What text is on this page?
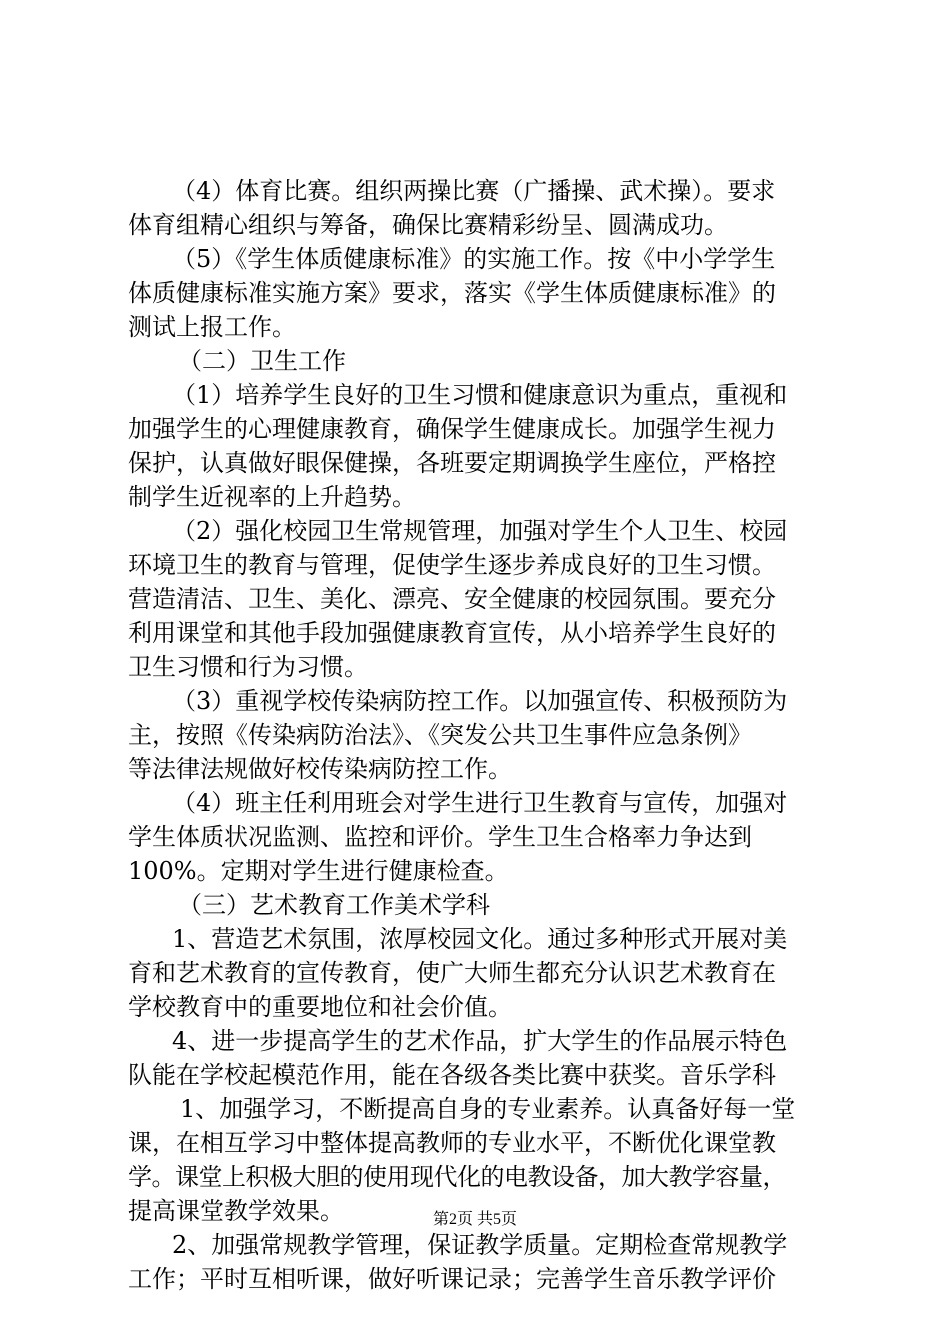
（4）体育比赛。组织两操比赛（广播操、武术操）。要求
体育组精心组织与筹备，确保比赛精彩纷呈、圆满成功。
（5）《学生体质健康标准》的实施工作。按《中小学学生
体质健康标准实施方案》要求，落实《学生体质健康标准》的
测试上报工作。
（二）卫生工作
（1）培养学生良好的卫生习惯和健康意识为重点，重视和
加强学生的心理健康教育，确保学生健康成长。加强学生视力
保护，认真做好眼保健操，各班要定期调换学生座位，严格控
制学生近视率的上升趋势。
（2）强化校园卫生常规管理，加强对学生个人卫生、校园
环境卫生的教育与管理，促使学生逐步养成良好的卫生习惯。
营造清洁、卫生、美化、漂亮、安全健康的校园氛围。要充分
利用课堂和其他手段加强健康教育宣传，从小培养学生良好的
卫生习惯和行为习惯。
（3）重视学校传染病防控工作。以加强宣传、积极预防为
主，按照《传染病防治法》、《突发公共卫生事件应急条例》
等法律法规做好校传染病防控工作。
（4）班主任利用班会对学生进行卫生教育与宣传，加强对
学生体质状况监测、监控和评价。学生卫生合格率力争达到
100%。定期对学生进行健康检查。
（三）艺术教育工作美术学科
1、营造艺术氛围，浓厚校园文化。通过多种形式开展对美
育和艺术教育的宣传教育，使广大师生都充分认识艺术教育在
学校教育中的重要地位和社会价值。
4、进一步提高学生的艺术作品，扩大学生的作品展示特色
队能在学校起模范作用，能在各级各类比赛中获奖。音乐学科
1、加强学习，不断提高自身的专业素养。认真备好每一堂
课，在相互学习中整体提高教师的专业水平，不断优化课堂教
学。课堂上积极大胆的使用现代化的电教设备，加大教学容量，
提高课堂教学效果。
2、加强常规教学管理，保证教学质量。定期检查常规教学
工作；平时互相听课，做好听课记录；完善学生音乐教学评价
第2页 共5页
